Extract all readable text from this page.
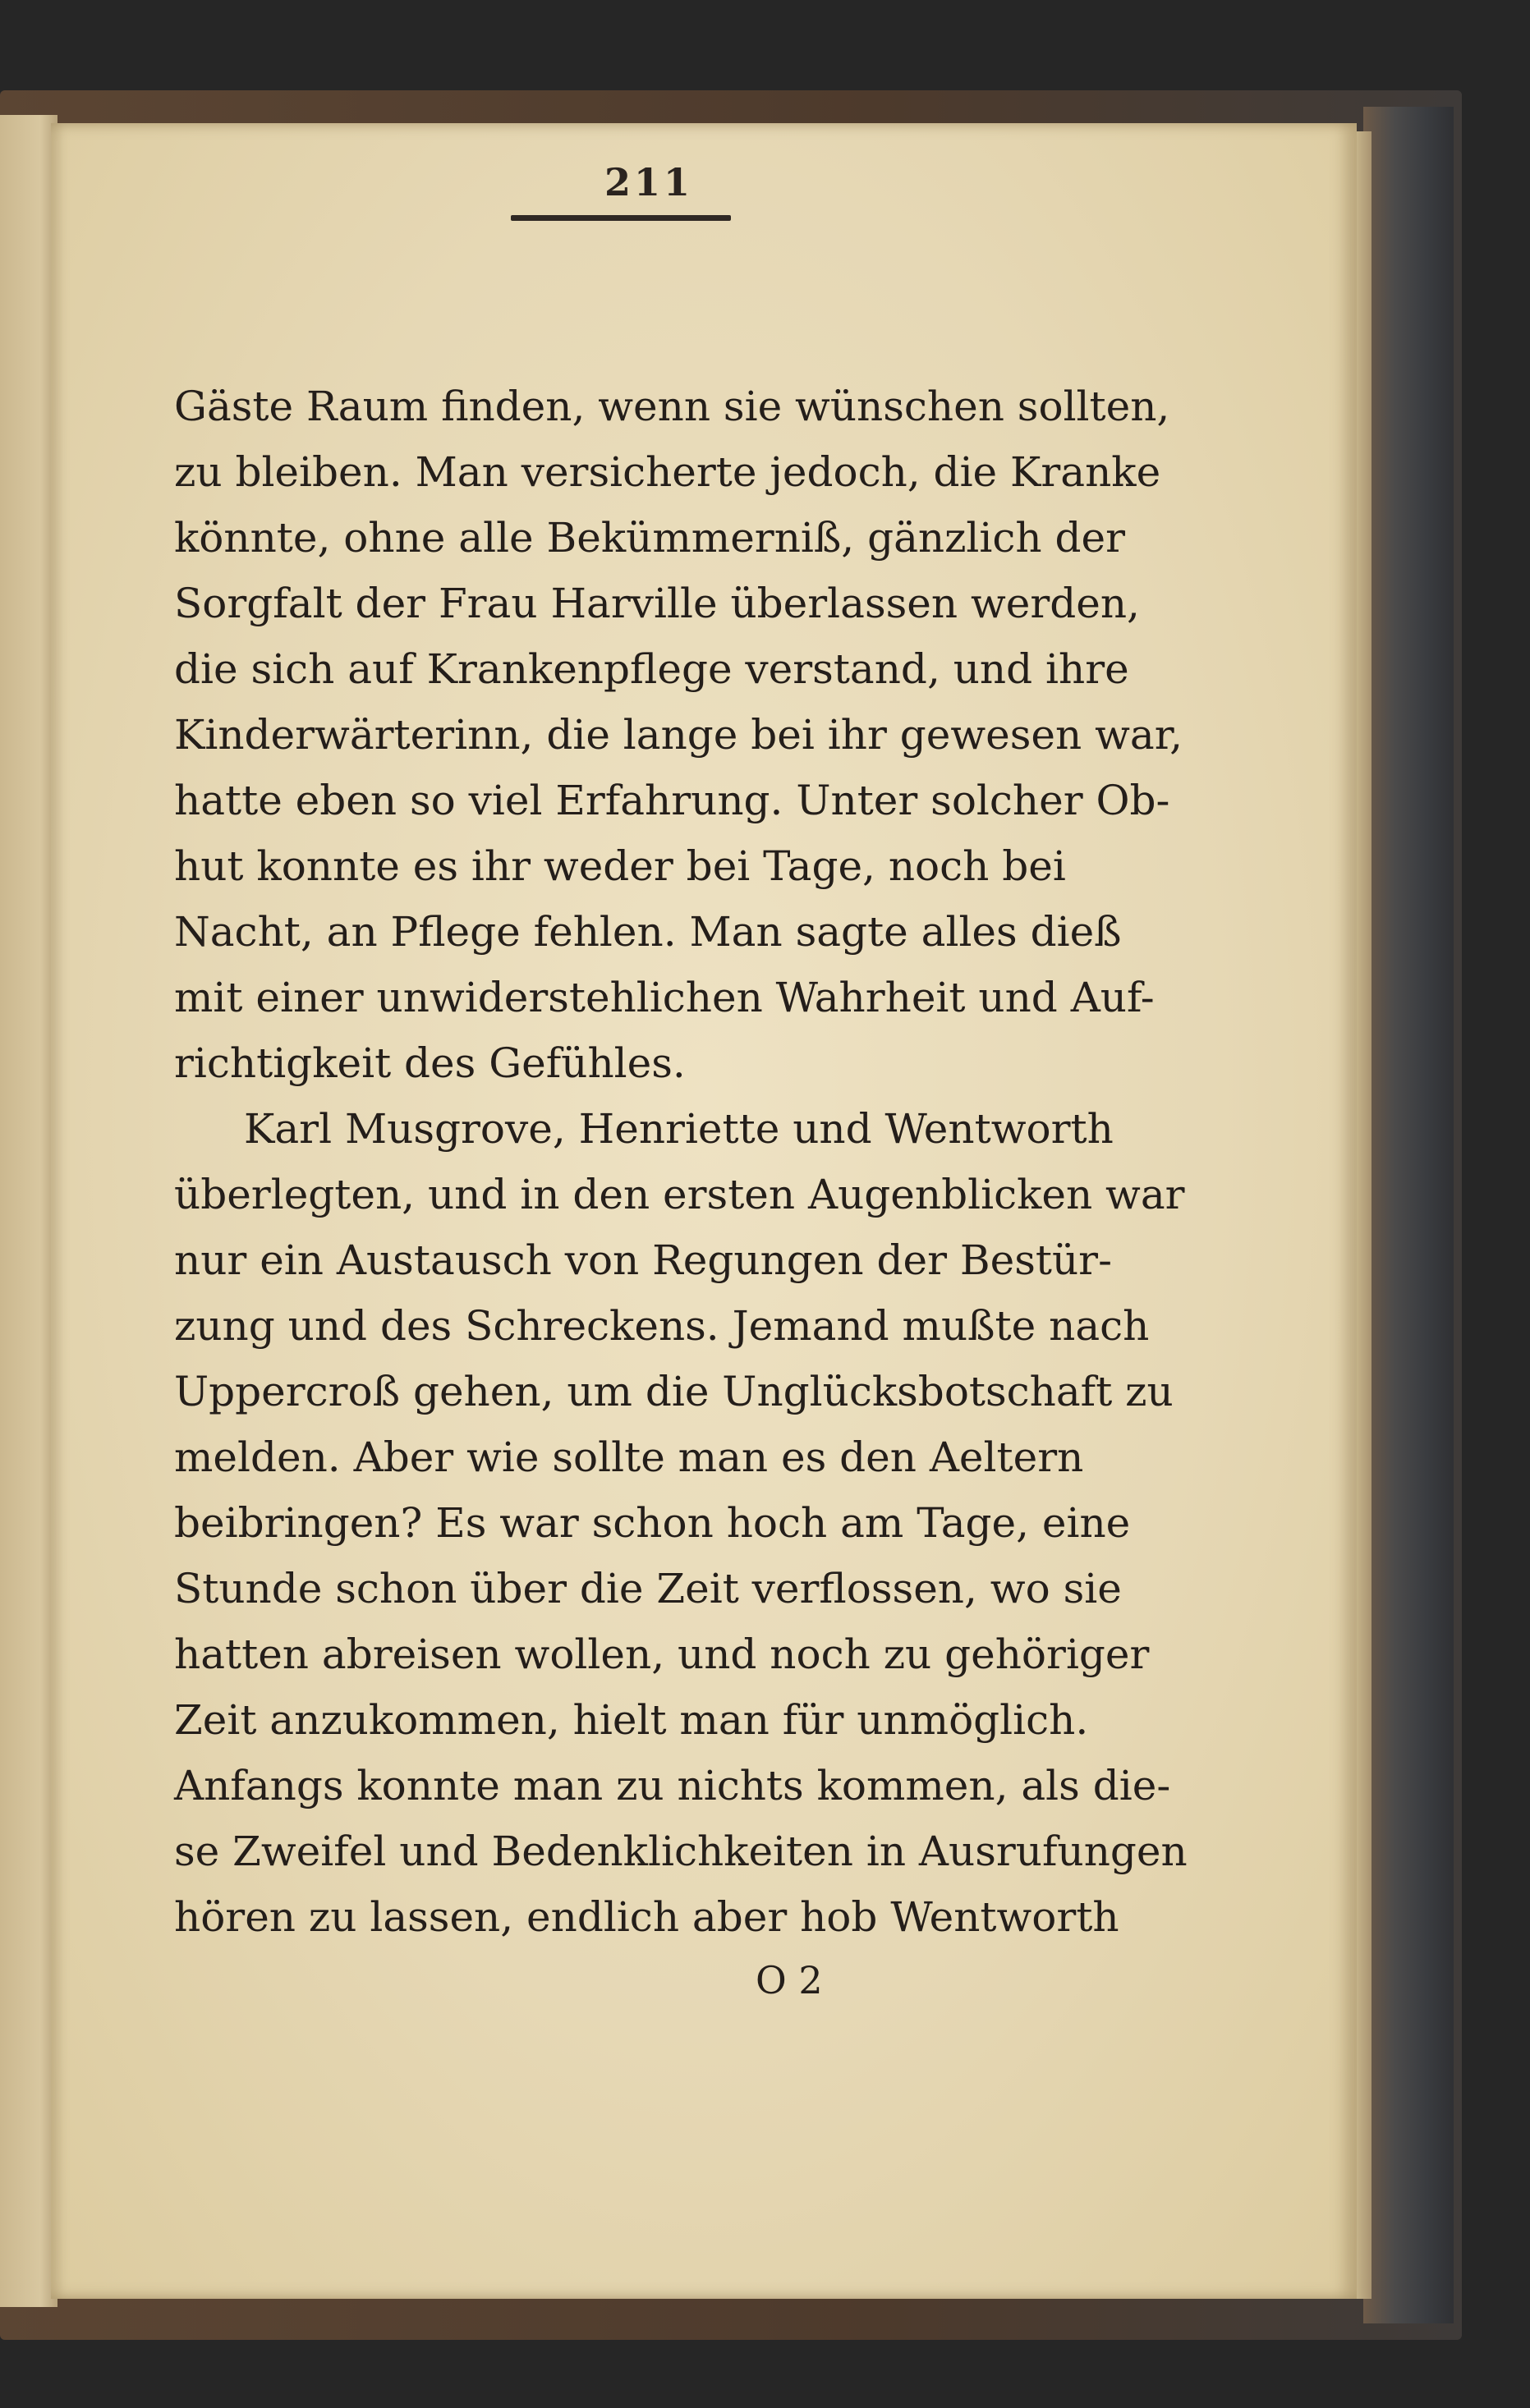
211

Gäste Raum finden, wenn sie wünschen sollten,
zu bleiben. Man versicherte jedoch, die Kranke
könnte, ohne alle Bekümmerniß, gänzlich der
Sorgfalt der Frau Harville überlassen werden,
die sich auf Krankenpflege verstand, und ihre
Kinderwärterinn, die lange bei ihr gewesen war,
hatte eben so viel Erfahrung. Unter solcher Ob-
hut konnte es ihr weder bei Tage, noch bei
Nacht, an Pflege fehlen. Man sagte alles dieß
mit einer unwiderstehlichen Wahrheit und Auf-
richtigkeit des Gefühles.
Karl Musgrove, Henriette und Wentworth
überlegten, und in den ersten Augenblicken war
nur ein Austausch von Regungen der Bestür-
zung und des Schreckens. Jemand mußte nach
Uppercroß gehen, um die Unglücksbotschaft zu
melden. Aber wie sollte man es den Aeltern
beibringen? Es war schon hoch am Tage, eine
Stunde schon über die Zeit verflossen, wo sie
hatten abreisen wollen, und noch zu gehöriger
Zeit anzukommen, hielt man für unmöglich.
Anfangs konnte man zu nichts kommen, als die-
se Zweifel und Bedenklichkeiten in Ausrufungen
hören zu lassen, endlich aber hob Wentworth

O 2
